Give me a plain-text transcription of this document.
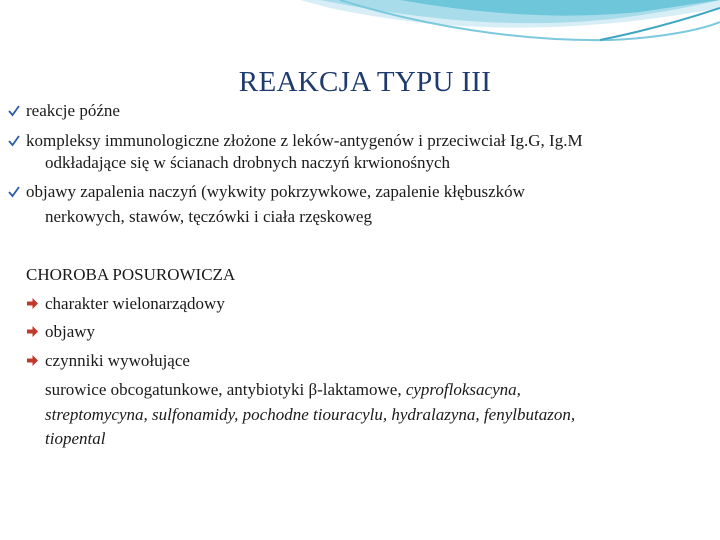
REAKCJA TYPU III
reakcje późne
kompleksy immunologiczne złożone z leków-antygenów i przeciwciał Ig.G, Ig.M
odkładające się w ścianach drobnych naczyń krwionośnych
objawy zapalenia naczyń (wykwity pokrzywkowe, zapalenie kłębuszków
nerkowych, stawów, tęczówki i ciała rzęskoweg
CHOROBA POSUROWICZA
charakter wielonarządowy
objawy
czynniki wywołujące
surowice obcogatunkowe, antybiotyki β-laktamowe, cyprofloksacyna,
streptomycyna, sulfonamidy, pochodne tiouracylu, hydralazyna, fenylbutazon,
tiopental
